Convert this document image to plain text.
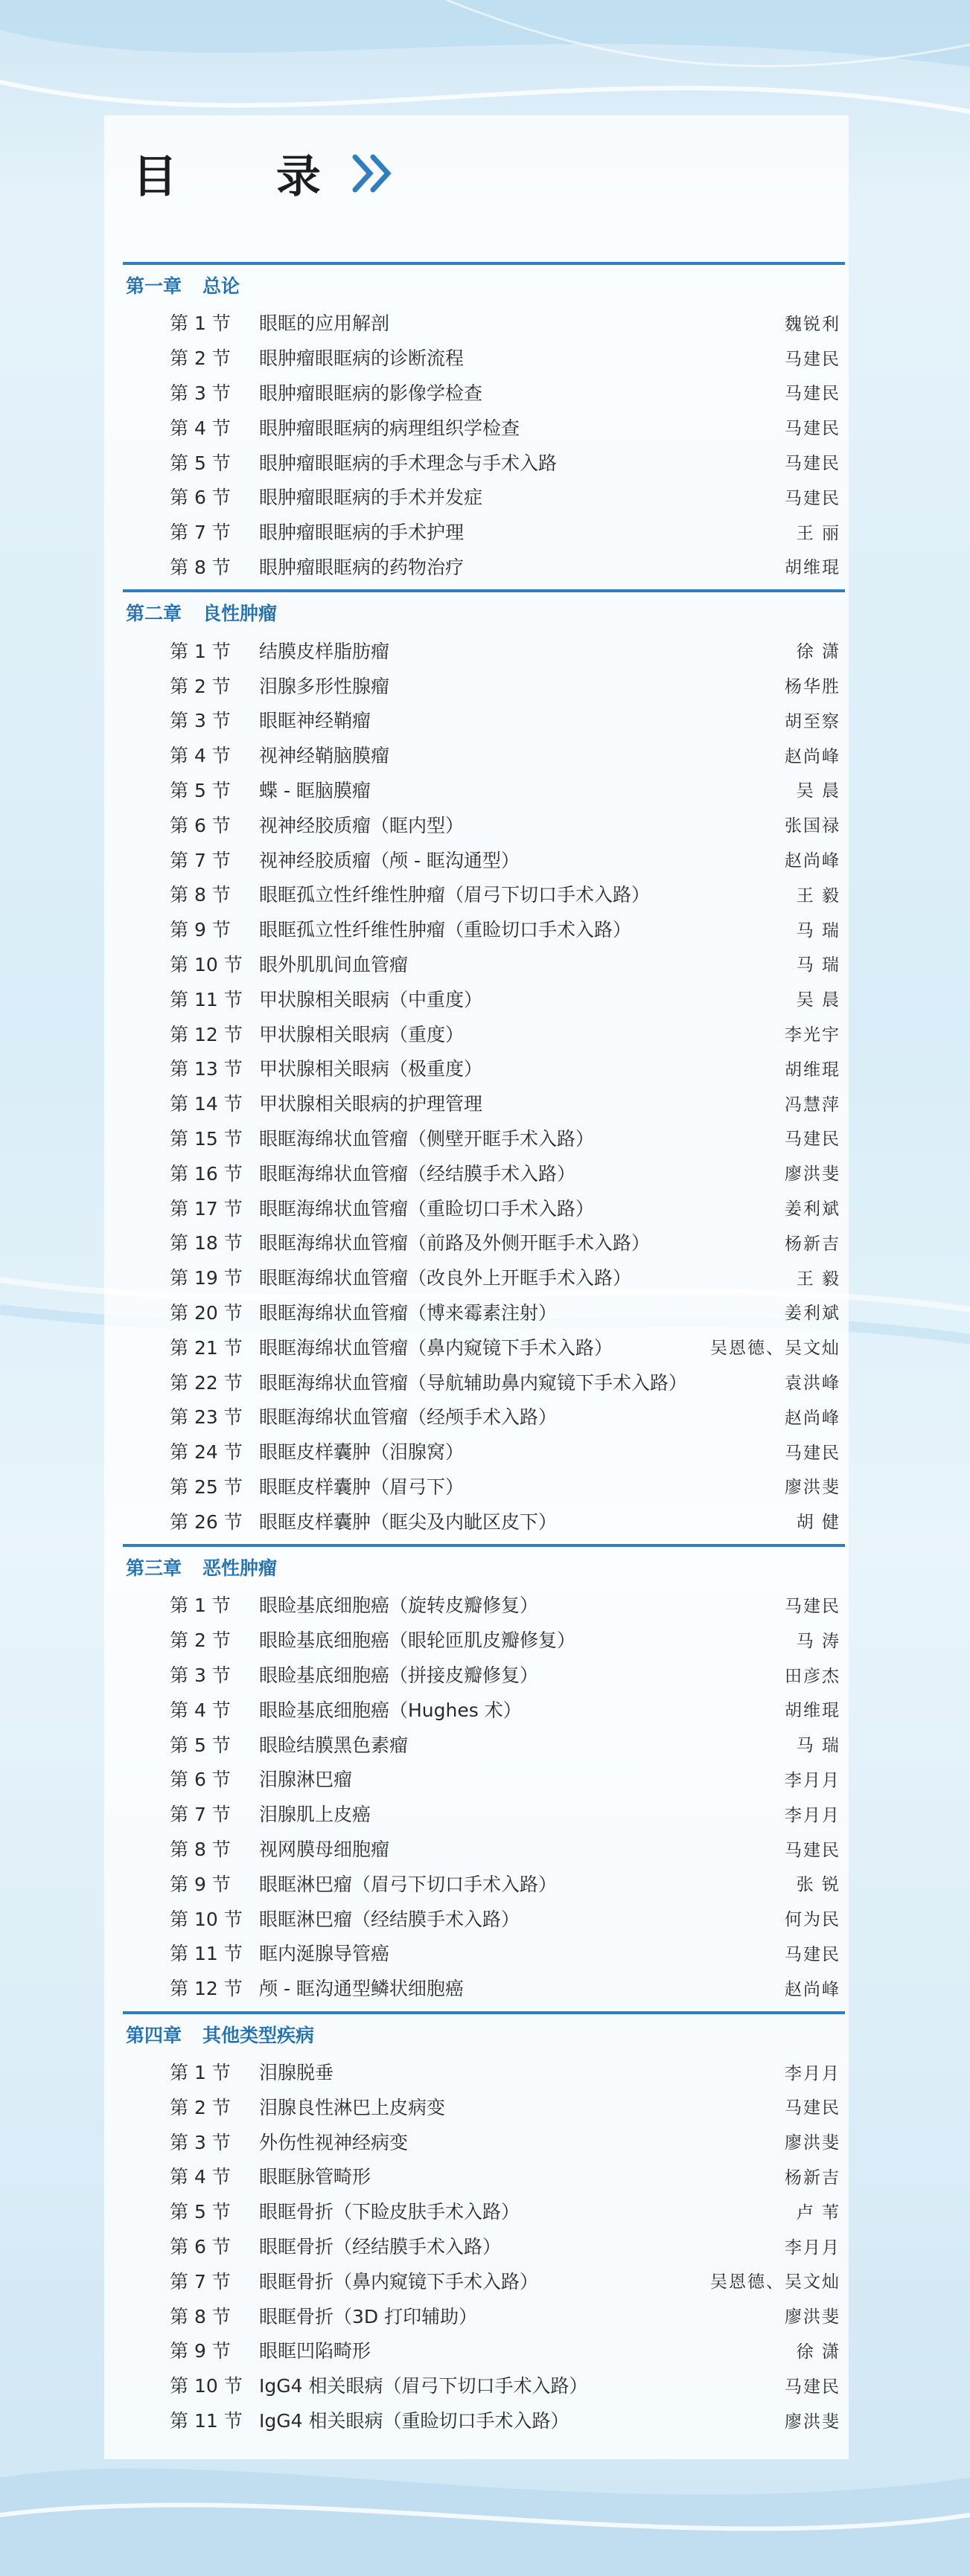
目 录
第一章 总论
第 1 节	眼眶的应用解剖	魏锐利
第 2 节	眼肿瘤眼眶病的诊断流程	马建民
第 3 节	眼肿瘤眼眶病的影像学检查	马建民
第 4 节	眼肿瘤眼眶病的病理组织学检查	马建民
第 5 节	眼肿瘤眼眶病的手术理念与手术入路	马建民
第 6 节	眼肿瘤眼眶病的手术并发症	马建民
第 7 节	眼肿瘤眼眶病的手术护理	王 丽
第 8 节	眼肿瘤眼眶病的药物治疗	胡维琨
第二章 良性肿瘤
第 1 节	结膜皮样脂肪瘤	徐 潇
第 2 节	泪腺多形性腺瘤	杨华胜
第 3 节	眼眶神经鞘瘤	胡至察
第 4 节	视神经鞘脑膜瘤	赵尚峰
第 5 节	蝶 - 眶脑膜瘤	吴 晨
第 6 节	视神经胶质瘤（眶内型）	张国禄
第 7 节	视神经胶质瘤（颅 - 眶沟通型）	赵尚峰
第 8 节	眼眶孤立性纤维性肿瘤（眉弓下切口手术入路）	王 毅
第 9 节	眼眶孤立性纤维性肿瘤（重睑切口手术入路）	马 瑞
第 10 节 眼外肌肌间血管瘤	马 瑞
第 11 节 甲状腺相关眼病（中重度）	吴 晨
第 12 节 甲状腺相关眼病（重度）	李光宇
第 13 节 甲状腺相关眼病（极重度）	胡维琨
第 14 节 甲状腺相关眼病的护理管理	冯慧萍
第 15 节 眼眶海绵状血管瘤（侧壁开眶手术入路）	马建民
第 16 节 眼眶海绵状血管瘤（经结膜手术入路）	廖洪斐
第 17 节 眼眶海绵状血管瘤（重睑切口手术入路）	姜利斌
第 18 节 眼眶海绵状血管瘤（前路及外侧开眶手术入路）	杨新吉
第 19 节 眼眶海绵状血管瘤（改良外上开眶手术入路）	王 毅
第 20 节 眼眶海绵状血管瘤（博来霉素注射）	姜利斌
第 21 节 眼眶海绵状血管瘤（鼻内窥镜下手术入路）	吴恩德、吴文灿
第 22 节 眼眶海绵状血管瘤（导航辅助鼻内窥镜下手术入路）	袁洪峰
第 23 节 眼眶海绵状血管瘤（经颅手术入路）	赵尚峰
第 24 节 眼眶皮样囊肿（泪腺窝）	马建民
第 25 节 眼眶皮样囊肿（眉弓下）	廖洪斐
第 26 节 眼眶皮样囊肿（眶尖及内眦区皮下）	胡 健
第三章 恶性肿瘤
第 1 节	眼睑基底细胞癌（旋转皮瓣修复）	马建民
第 2 节	眼睑基底细胞癌（眼轮匝肌皮瓣修复）	马 涛
第 3 节	眼睑基底细胞癌（拼接皮瓣修复）	田彦杰
第 4 节	眼睑基底细胞癌（Hughes 术）	胡维琨
第 5 节	眼睑结膜黑色素瘤	马 瑞
第 6 节	泪腺淋巴瘤	李月月
第 7 节	泪腺肌上皮癌	李月月
第 8 节	视网膜母细胞瘤	马建民
第 9 节	眼眶淋巴瘤（眉弓下切口手术入路）	张 锐
第 10 节 眼眶淋巴瘤（经结膜手术入路）	何为民
第 11 节 眶内涎腺导管癌	马建民
第 12 节 颅 - 眶沟通型鳞状细胞癌	赵尚峰
第四章 其他类型疾病
第 1 节	泪腺脱垂	李月月
第 2 节	泪腺良性淋巴上皮病变	马建民
第 3 节	外伤性视神经病变	廖洪斐
第 4 节	眼眶脉管畸形	杨新吉
第 5 节	眼眶骨折（下睑皮肤手术入路）	卢 苇
第 6 节	眼眶骨折（经结膜手术入路）	李月月
第 7 节	眼眶骨折（鼻内窥镜下手术入路）	吴恩德、吴文灿
第 8 节	眼眶骨折（3D 打印辅助）	廖洪斐
第 9 节	眼眶凹陷畸形	徐 潇
第 10 节 IgG4 相关眼病（眉弓下切口手术入路）	马建民
第 11 节 IgG4 相关眼病（重睑切口手术入路）	廖洪斐
